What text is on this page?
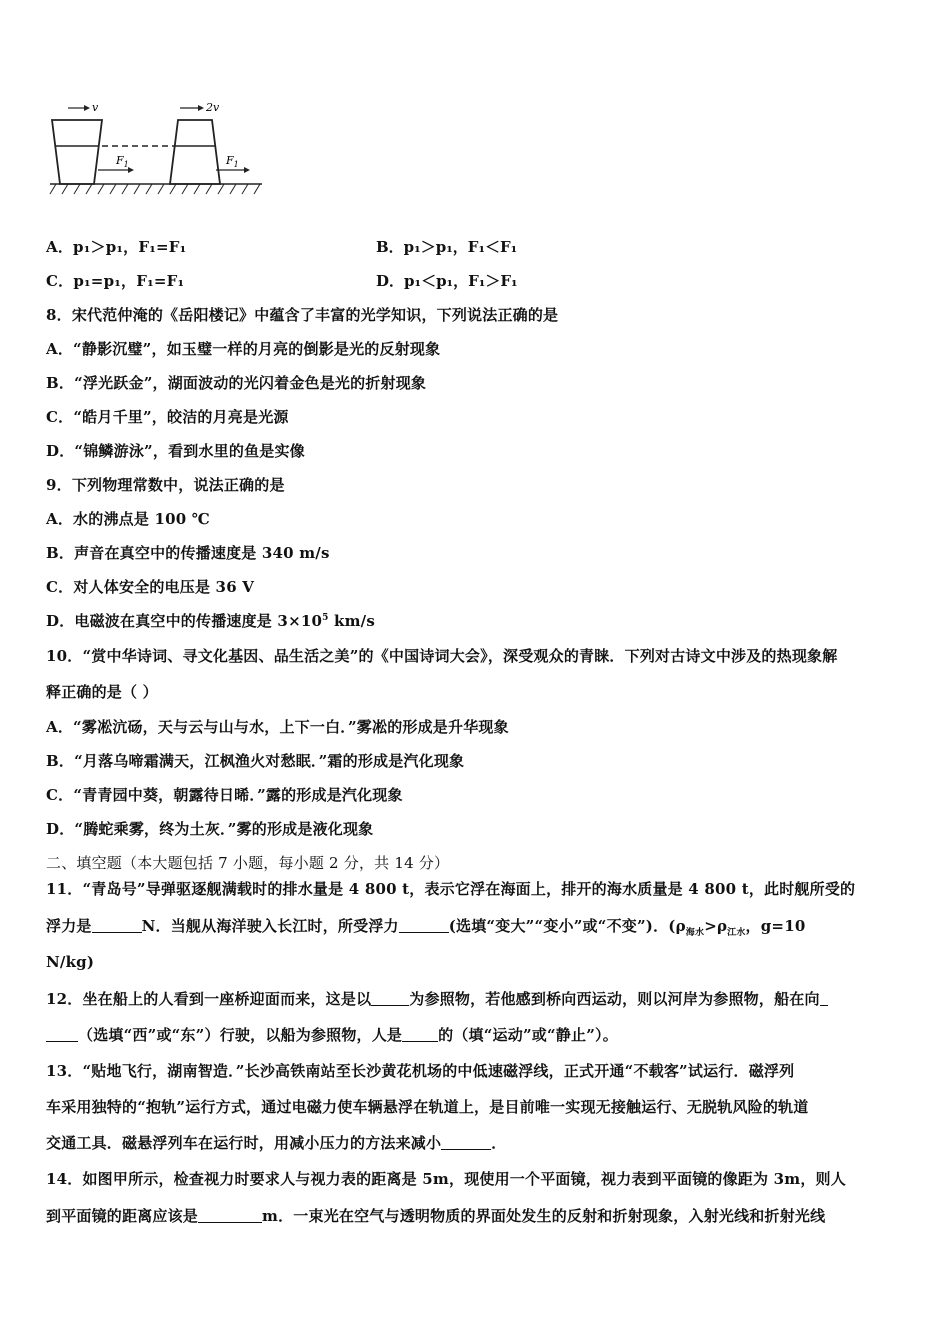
v	2v
$F_1$	$F_1$
A．p₁＞p₁，F₁=F₁	B．p₁＞p₁，F₁＜F₁
C．p₁=p₁，F₁=F₁	D．p₁＜p₁，F₁＞F₁
8．宋代范仲淹的《岳阳楼记》中蕴含了丰富的光学知识，下列说法正确的是
A．“静影沉璧”，如玉璧一样的月亮的倒影是光的反射现象
B．“浮光跃金”，湖面波动的光闪着金色是光的折射现象
C．“皓月千里”，皎洁的月亮是光源
D．“锦鳞游泳”，看到水里的鱼是实像
9．下列物理常数中，说法正确的是
A．水的沸点是 100 ℃
B．声音在真空中的传播速度是 340 m/s
C．对人体安全的电压是 36 V
D．电磁波在真空中的传播速度是 $3\times 10^5$ km/s
10．“赏中华诗词、寻文化基因、品生活之美”的《中国诗词大会》，深受观众的青睐．下列对古诗文中涉及的热现象解
释正确的是（ ）
A．“雾凇沆砀，天与云与山与水，上下一白．”雾凇的形成是升华现象
B．“月落乌啼霜满天，江枫渔火对愁眠．”霜的形成是汽化现象
C．“青青园中葵，朝露待日晞．”露的形成是汽化现象
D．“腾蛇乘雾，终为土灰．”雾的形成是液化现象
二、填空题（本大题包括 7 小题，每小题 2 分，共 14 分）
11．“青岛号”导弹驱逐舰满载时的排水量是 4 800 t，表示它浮在海面上，排开的海水质量是 4 800 t，此时舰所受的
浮力是	N．当舰从海洋驶入长江时，所受浮力	(选填“变大”“变小”或“不变”)．($\rho_{海水}>\rho_{江水}$，g=10
N/kg)
12．坐在船上的人看到一座桥迎面而来，这是以	为参照物，若他感到桥向西运动，则以河岸为参照物，船在向
（选填“西”或“东”）行驶，以船为参照物，人是 的（填“运动”或“静止”）。
13．“贴地飞行，湖南智造．”长沙高铁南站至长沙黄花机场的中低速磁浮线，正式开通“不载客”试运行．磁浮列
车采用独特的“抱轨”运行方式，通过电磁力使车辆悬浮在轨道上，是目前唯一实现无接触运行、无脱轨风险的轨道
交通工具．磁悬浮列车在运行时，用减小压力的方法来减小	．
14．如图甲所示，检查视力时要求人与视力表的距离是 5m，现使用一个平面镜，视力表到平面镜的像距为 3m，则人
到平面镜的距离应该是	m．一束光在空气与透明物质的界面处发生的反射和折射现象，入射光线和折射光线
